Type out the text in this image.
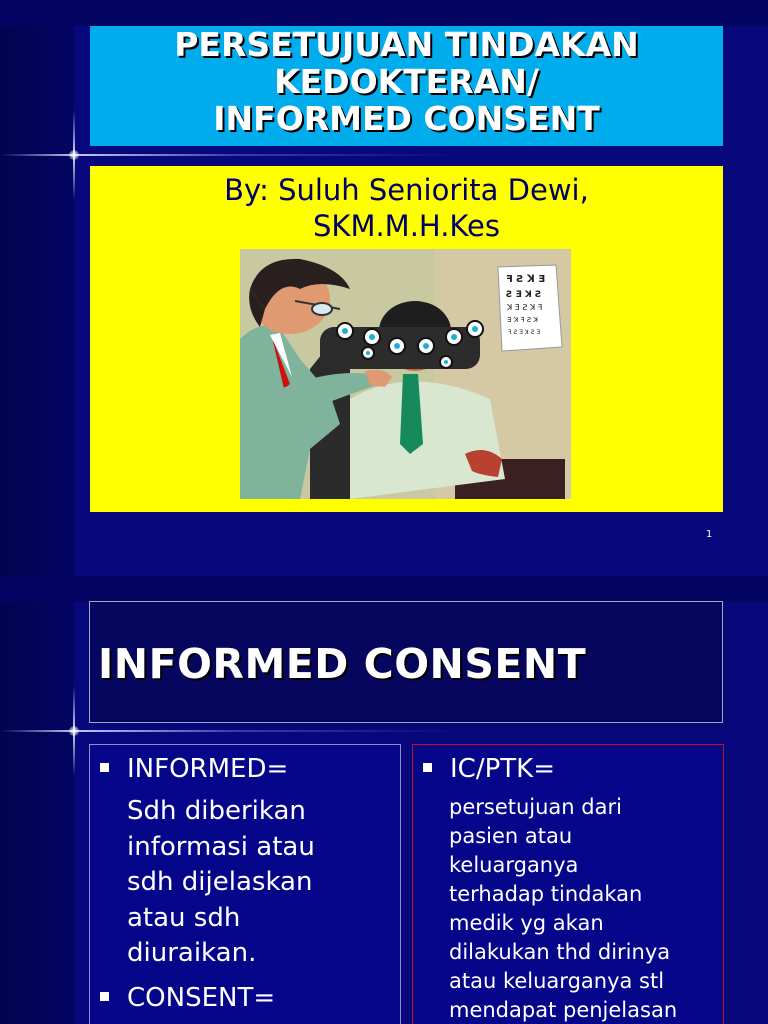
PERSETUJUAN TINDAKAN
KEDOKTERAN/
INFORMED CONSENT
By: Suluh Seniorita Dewi,
SKM.M.H.Kes
ꟻ Ƨ ꓘ Ǝ
Ƨ Ǝ ꓘ Ƨ
ꓘ Ǝ Ƨ ꓘ ꟻ
Ǝ ꓘ ꟻ Ƨ ꓘ
ꟻ Ƨ Ǝ ꓘ Ƨ Ǝ
1
INFORMED CONSENT
INFORMED=
Sdh diberikan
informasi atau
sdh dijelaskan
atau sdh
diuraikan.
CONSENT=
IC/PTK=
persetujuan dari
pasien atau
keluarganya
terhadap tindakan
medik yg akan
dilakukan thd dirinya
atau keluarganya stl
mendapat penjelasan
